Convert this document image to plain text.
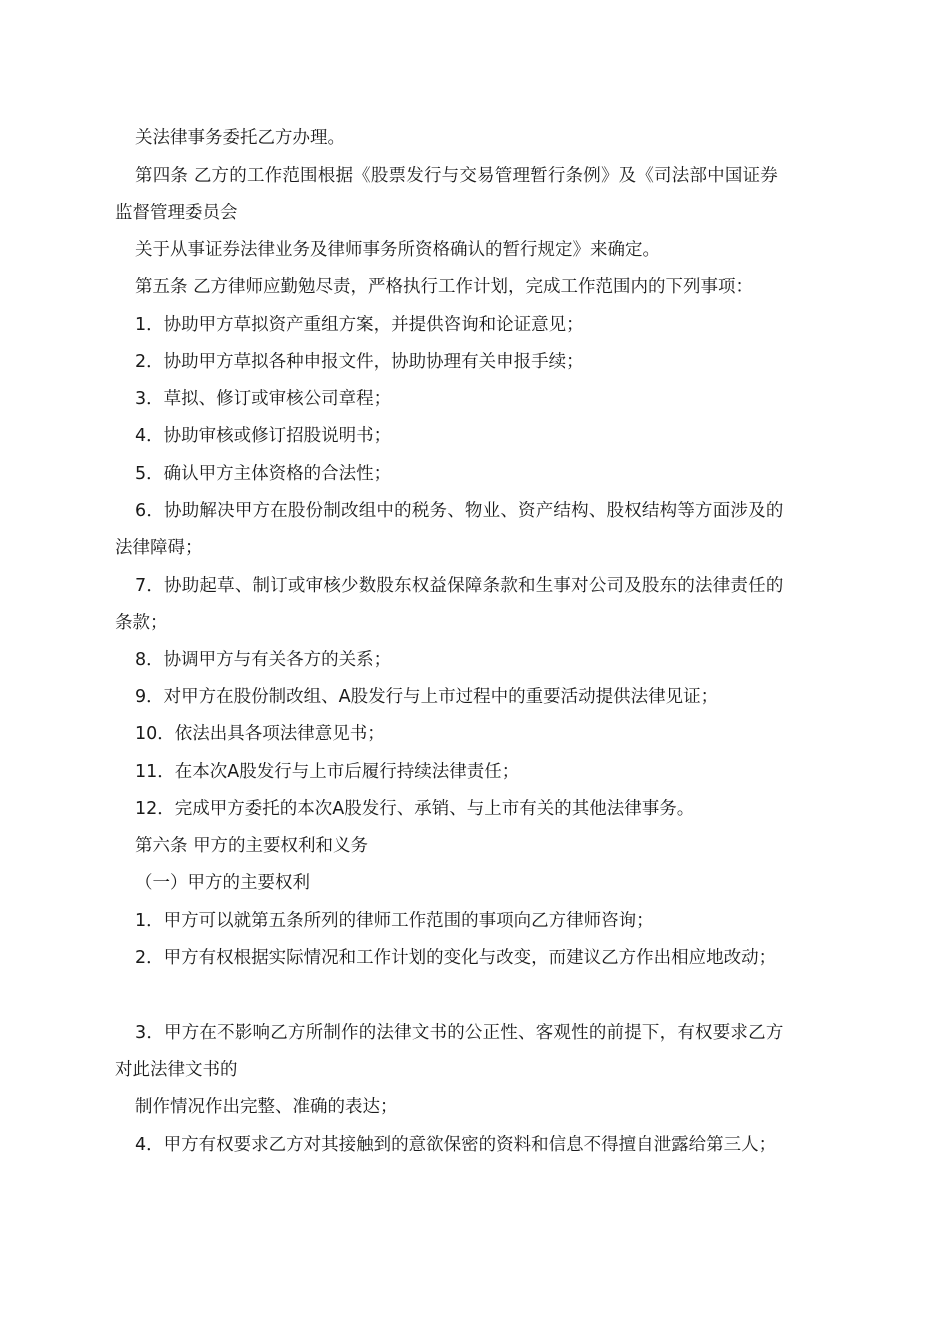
关法律事务委托乙方办理。
第四条 乙方的工作范围根据《股票发行与交易管理暂行条例》及《司法部中国证券
监督管理委员会
关于从事证券法律业务及律师事务所资格确认的暂行规定》来确定。
第五条 乙方律师应勤勉尽责，严格执行工作计划，完成工作范围内的下列事项：
1．协助甲方草拟资产重组方案，并提供咨询和论证意见；
2．协助甲方草拟各种申报文件，协助协理有关申报手续；
3．草拟、修订或审核公司章程；
4．协助审核或修订招股说明书；
5．确认甲方主体资格的合法性；
6．协助解决甲方在股份制改组中的税务、物业、资产结构、股权结构等方面涉及的
法律障碍；
7．协助起草、制订或审核少数股东权益保障条款和生事对公司及股东的法律责任的
条款；
8．协调甲方与有关各方的关系；
9．对甲方在股份制改组、A股发行与上市过程中的重要活动提供法律见证；
10．依法出具各项法律意见书；
11．在本次A股发行与上市后履行持续法律责任；
12．完成甲方委托的本次A股发行、承销、与上市有关的其他法律事务。
第六条 甲方的主要权利和义务
（一）甲方的主要权利
1．甲方可以就第五条所列的律师工作范围的事项向乙方律师咨询；
2．甲方有权根据实际情况和工作计划的变化与改变，而建议乙方作出相应地改动；
3．甲方在不影响乙方所制作的法律文书的公正性、客观性的前提下，有权要求乙方
对此法律文书的
制作情况作出完整、准确的表达；
4．甲方有权要求乙方对其接触到的意欲保密的资料和信息不得擅自泄露给第三人；
